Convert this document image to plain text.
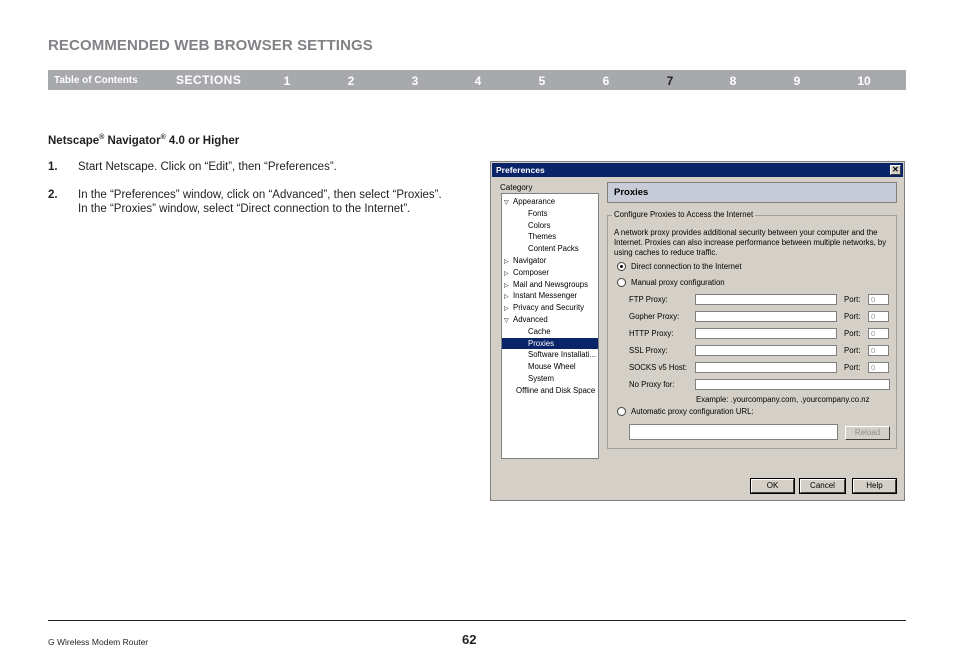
RECOMMENDED WEB BROWSER SETTINGS
Table of Contents	SECTIONS	1	2	3	4	5	6	7	8	9	10
Netscape® Navigator® 4.0 or Higher
1. Start Netscape. Click on “Edit”, then “Preferences”.
2. In the “Preferences” window, click on “Advanced”, then select “Proxies”. In the “Proxies” window, select “Direct connection to the Internet”.
Preferences	✕
Category
▽ Appearance
Fonts
Colors
Themes
Content Packs
▷ Navigator
▷ Composer
▷ Mail and Newsgroups
▷ Instant Messenger
▷ Privacy and Security
▽ Advanced
Cache
Proxies
Software Installati...
Mouse Wheel
System
Offline and Disk Space
Proxies
Configure Proxies to Access the Internet
A network proxy provides additional security between your computer and the Internet. Proxies can also increase performance between multiple networks, by using caches to reduce traffic.
Direct connection to the Internet
Manual proxy configuration
FTP Proxy:	Port:	0
Gopher Proxy:	Port:	0
HTTP Proxy:	Port:	0
SSL Proxy:	Port:	0
SOCKS v5 Host:	Port:	0
No Proxy for:
Example: .yourcompany.com, .yourcompany.co.nz
Automatic proxy configuration URL:
Reload
OK	Cancel	Help
G Wireless Modem Router	62
